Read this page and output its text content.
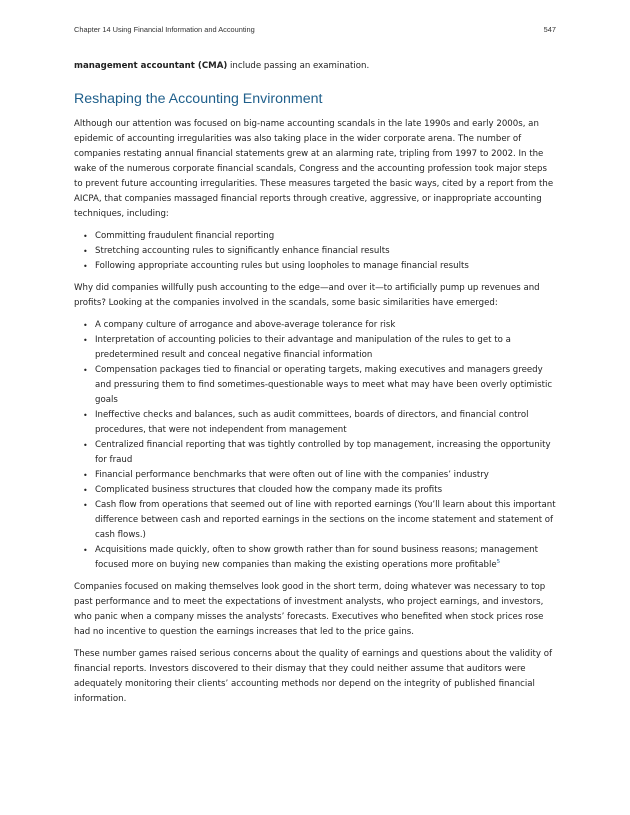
Chapter 14 Using Financial Information and Accounting	547

management accountant (CMA) include passing an examination.

Reshaping the Accounting Environment

Although our attention was focused on big-name accounting scandals in the late 1990s and early 2000s, an epidemic of accounting irregularities was also taking place in the wider corporate arena. The number of companies restating annual financial statements grew at an alarming rate, tripling from 1997 to 2002. In the wake of the numerous corporate financial scandals, Congress and the accounting profession took major steps to prevent future accounting irregularities. These measures targeted the basic ways, cited by a report from the AICPA, that companies massaged financial reports through creative, aggressive, or inappropriate accounting techniques, including:

• Committing fraudulent financial reporting
• Stretching accounting rules to significantly enhance financial results
• Following appropriate accounting rules but using loopholes to manage financial results

Why did companies willfully push accounting to the edge—and over it—to artificially pump up revenues and profits? Looking at the companies involved in the scandals, some basic similarities have emerged:

• A company culture of arrogance and above-average tolerance for risk
• Interpretation of accounting policies to their advantage and manipulation of the rules to get to a predetermined result and conceal negative financial information
• Compensation packages tied to financial or operating targets, making executives and managers greedy and pressuring them to find sometimes-questionable ways to meet what may have been overly optimistic goals
• Ineffective checks and balances, such as audit committees, boards of directors, and financial control procedures, that were not independent from management
• Centralized financial reporting that was tightly controlled by top management, increasing the opportunity for fraud
• Financial performance benchmarks that were often out of line with the companies’ industry
• Complicated business structures that clouded how the company made its profits
• Cash flow from operations that seemed out of line with reported earnings (You’ll learn about this important difference between cash and reported earnings in the sections on the income statement and statement of cash flows.)
• Acquisitions made quickly, often to show growth rather than for sound business reasons; management focused more on buying new companies than making the existing operations more profitable$^5$

Companies focused on making themselves look good in the short term, doing whatever was necessary to top past performance and to meet the expectations of investment analysts, who project earnings, and investors, who panic when a company misses the analysts’ forecasts. Executives who benefited when stock prices rose had no incentive to question the earnings increases that led to the price gains.

These number games raised serious concerns about the quality of earnings and questions about the validity of financial reports. Investors discovered to their dismay that they could neither assume that auditors were adequately monitoring their clients’ accounting methods nor depend on the integrity of published financial information.
